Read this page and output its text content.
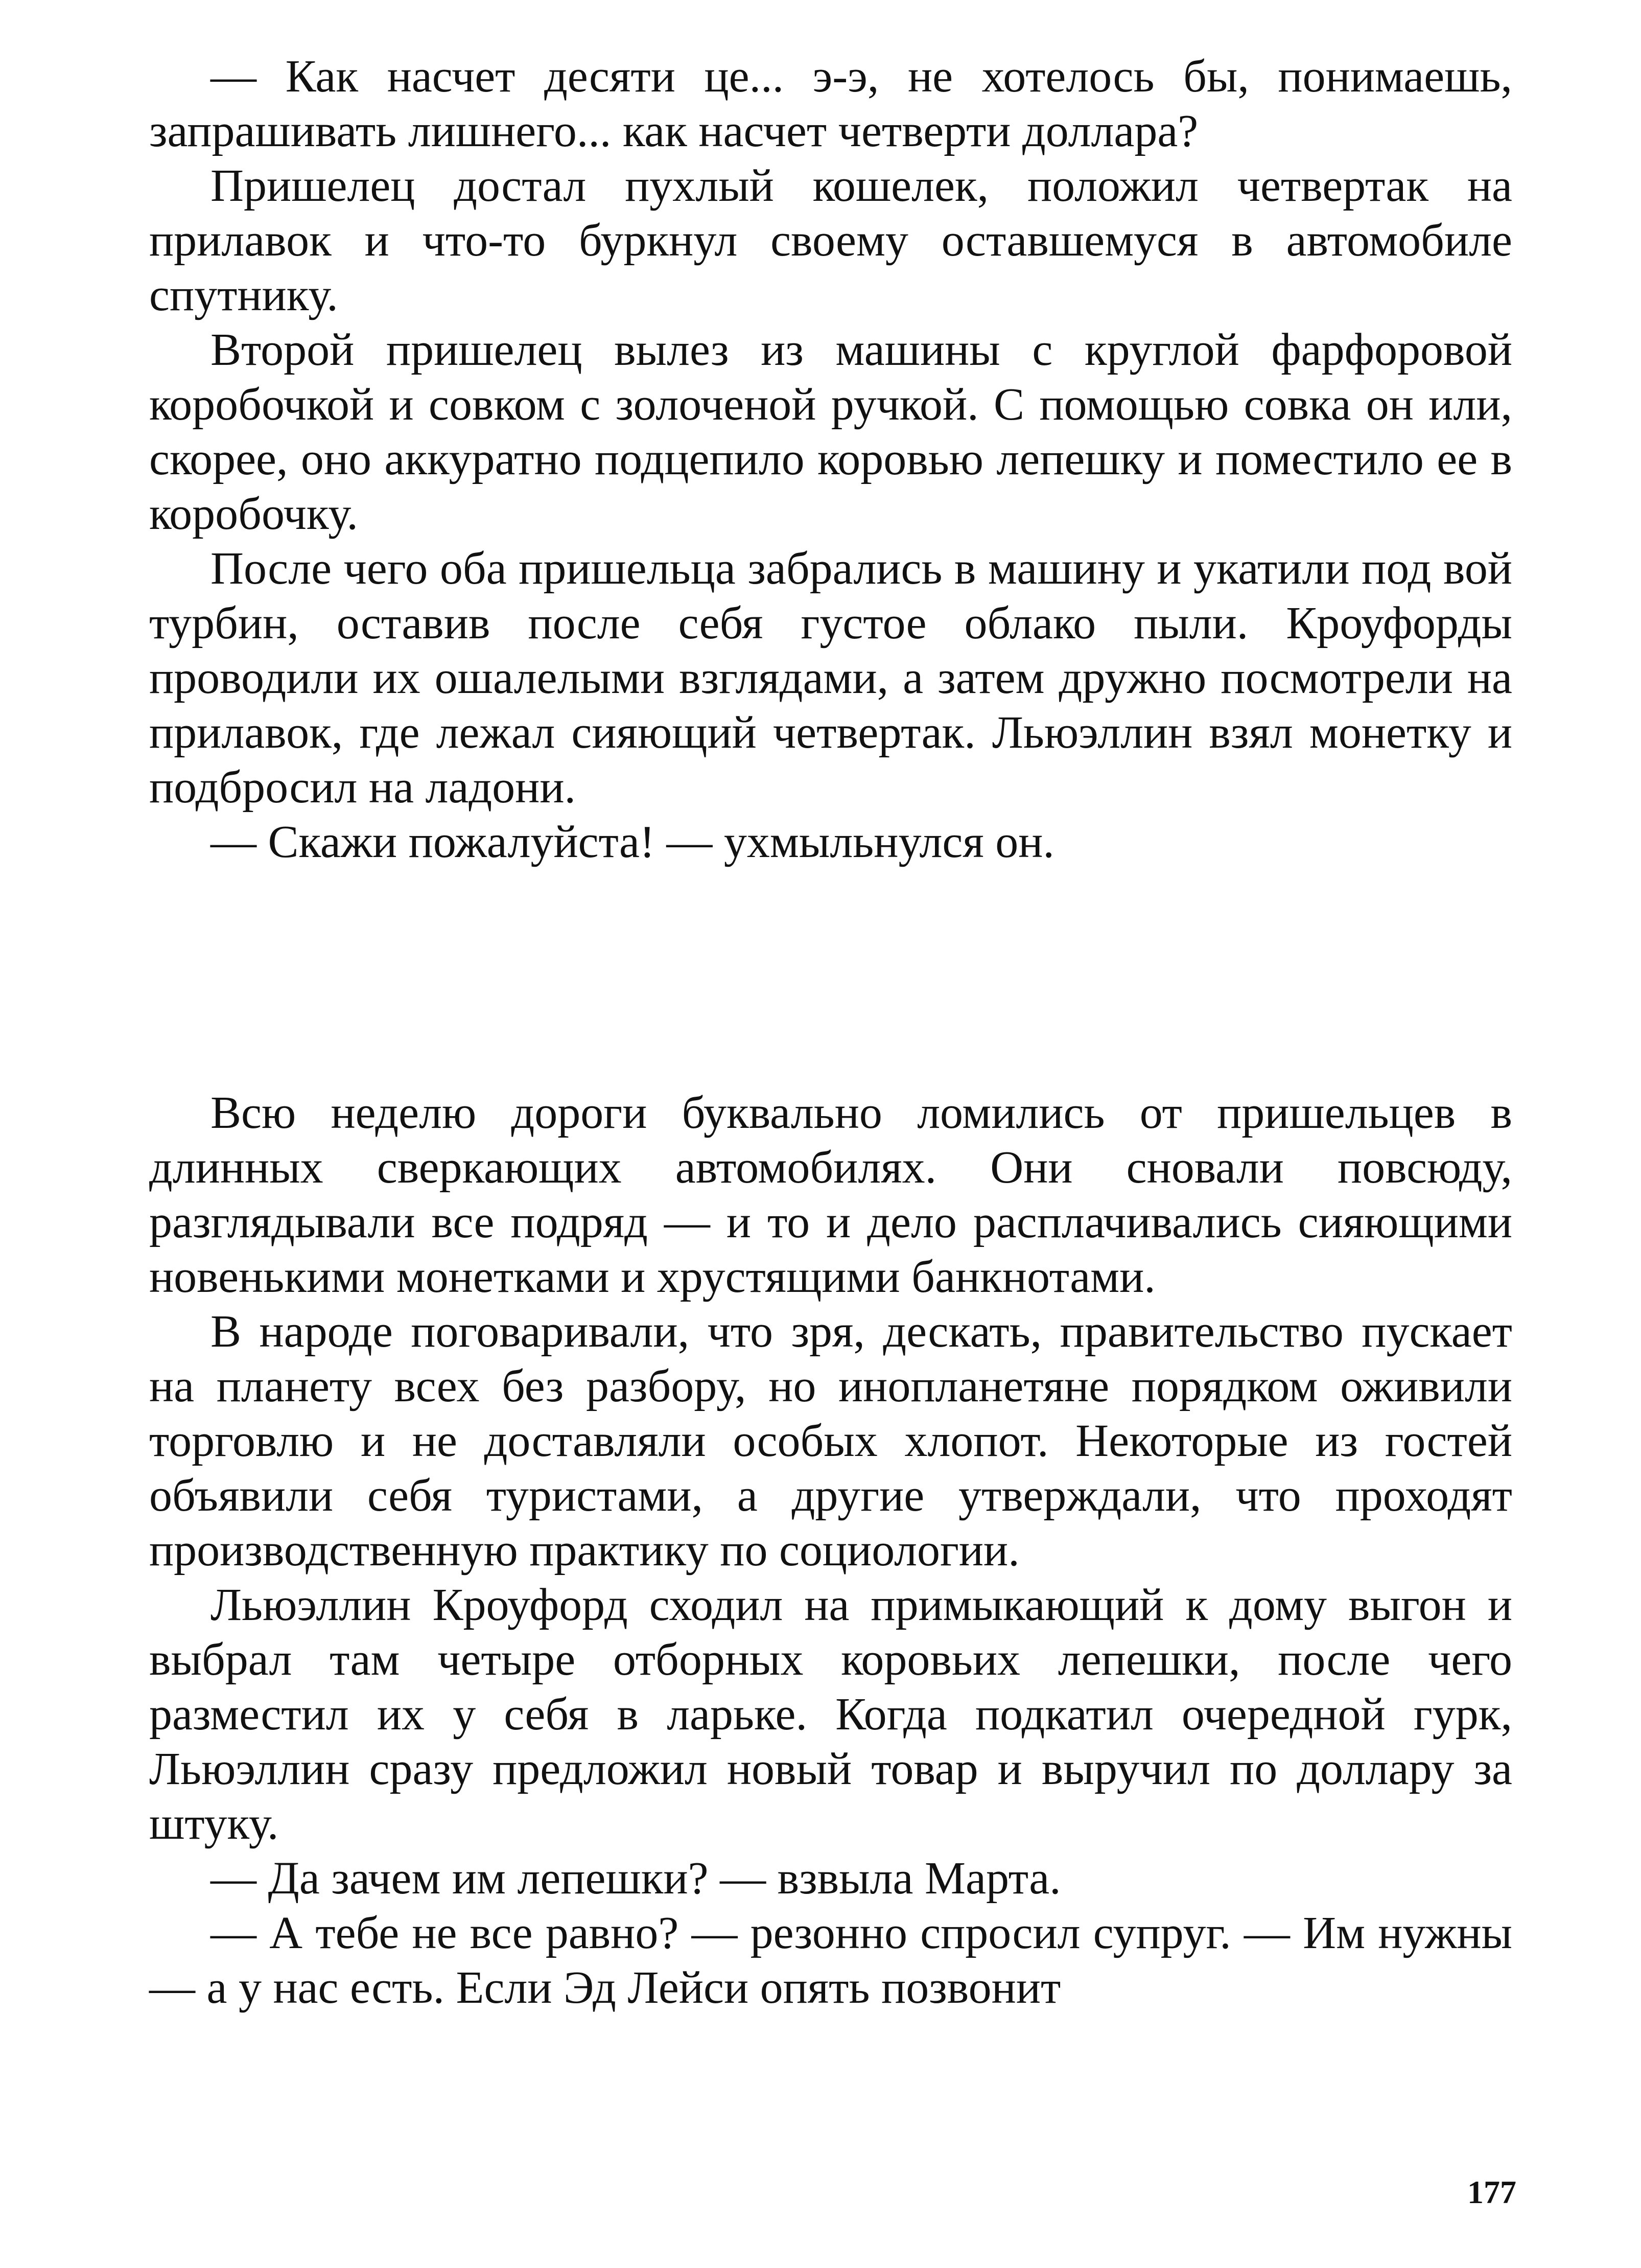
— Как насчет десяти це... э-э, не хотелось бы, понимаешь, запрашивать лишнего... как насчет четверти доллара?

Пришелец достал пухлый кошелек, положил четвертак на прилавок и что-то буркнул своему оставшемуся в автомобиле спутнику.

Второй пришелец вылез из машины с круглой фарфоровой коробочкой и совком с золоченой ручкой. С помощью совка он или, скорее, оно аккуратно подцепило коровью лепешку и поместило ее в коробочку.

После чего оба пришельца забрались в машину и укатили под вой турбин, оставив после себя густое облако пыли. Кроуфорды проводили их ошалелыми взглядами, а затем дружно посмотрели на прилавок, где лежал сияющий четвертак. Льюэллин взял монетку и подбросил на ладони.

— Скажи пожалуйста! — ухмыльнулся он.

Всю неделю дороги буквально ломились от пришельцев в длинных сверкающих автомобилях. Они сновали повсюду, разглядывали все подряд — и то и дело расплачивались сияющими новенькими монетками и хрустящими банкнотами.

В народе поговаривали, что зря, дескать, правительство пускает на планету всех без разбору, но инопланетяне порядком оживили торговлю и не доставляли особых хлопот. Некоторые из гостей объявили себя туристами, а другие утверждали, что проходят производственную практику по социологии.

Льюэллин Кроуфорд сходил на примыкающий к дому выгон и выбрал там четыре отборных коровьих лепешки, после чего разместил их у себя в ларьке. Когда подкатил очередной гурк, Льюэллин сразу предложил новый товар и выручил по доллару за штуку.

— Да зачем им лепешки? — взвыла Марта.

— А тебе не все равно? — резонно спросил супруг. — Им нужны — а у нас есть. Если Эд Лейси опять позвонит

177
